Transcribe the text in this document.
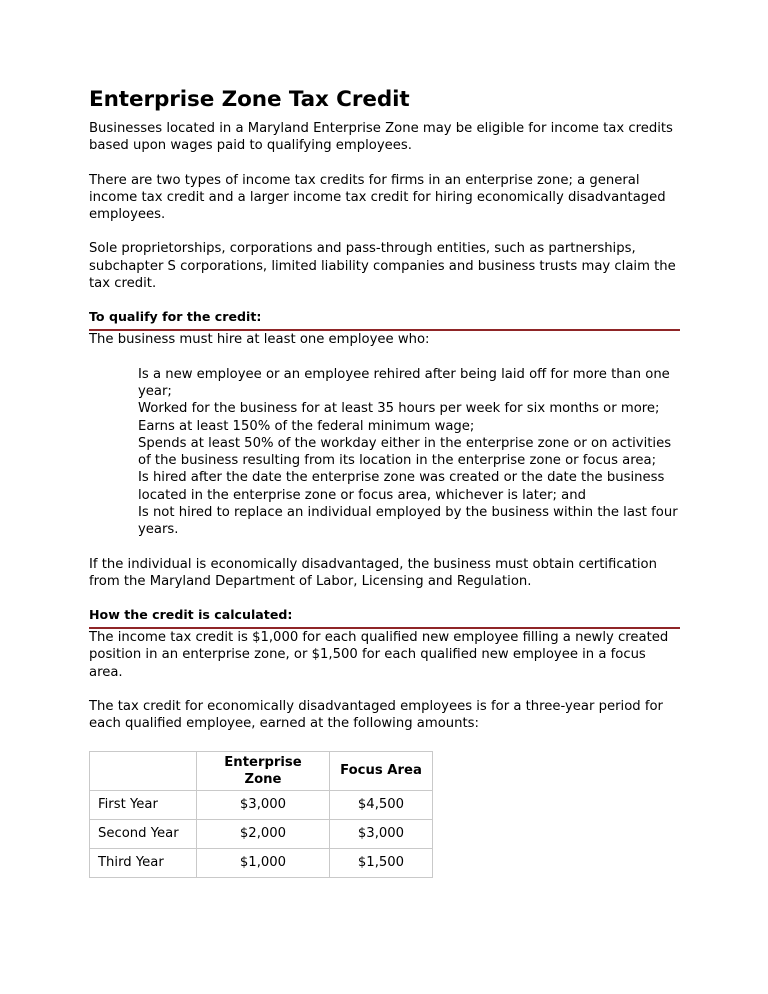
Enterprise Zone Tax Credit

Businesses located in a Maryland Enterprise Zone may be eligible for income tax credits based upon wages paid to qualifying employees.

There are two types of income tax credits for firms in an enterprise zone; a general income tax credit and a larger income tax credit for hiring economically disadvantaged employees.

Sole proprietorships, corporations and pass-through entities, such as partnerships, subchapter S corporations, limited liability companies and business trusts may claim the tax credit.

To qualify for the credit:

The business must hire at least one employee who:

Is a new employee or an employee rehired after being laid off for more than one year;

Worked for the business for at least 35 hours per week for six months or more;

Earns at least 150% of the federal minimum wage;

Spends at least 50% of the workday either in the enterprise zone or on activities of the business resulting from its location in the enterprise zone or focus area;

Is hired after the date the enterprise zone was created or the date the business located in the enterprise zone or focus area, whichever is later; and

Is not hired to replace an individual employed by the business within the last four years.

If the individual is economically disadvantaged, the business must obtain certification from the Maryland Department of Labor, Licensing and Regulation.

How the credit is calculated:

The income tax credit is $1,000 for each qualified new employee filling a newly created position in an enterprise zone, or $1,500 for each qualified new employee in a focus area.

The tax credit for economically disadvantaged employees is for a three-year period for each qualified employee, earned at the following amounts:

	Enterprise Zone	Focus Area
First Year	$3,000	$4,500
Second Year	$2,000	$3,000
Third Year	$1,000	$1,500
